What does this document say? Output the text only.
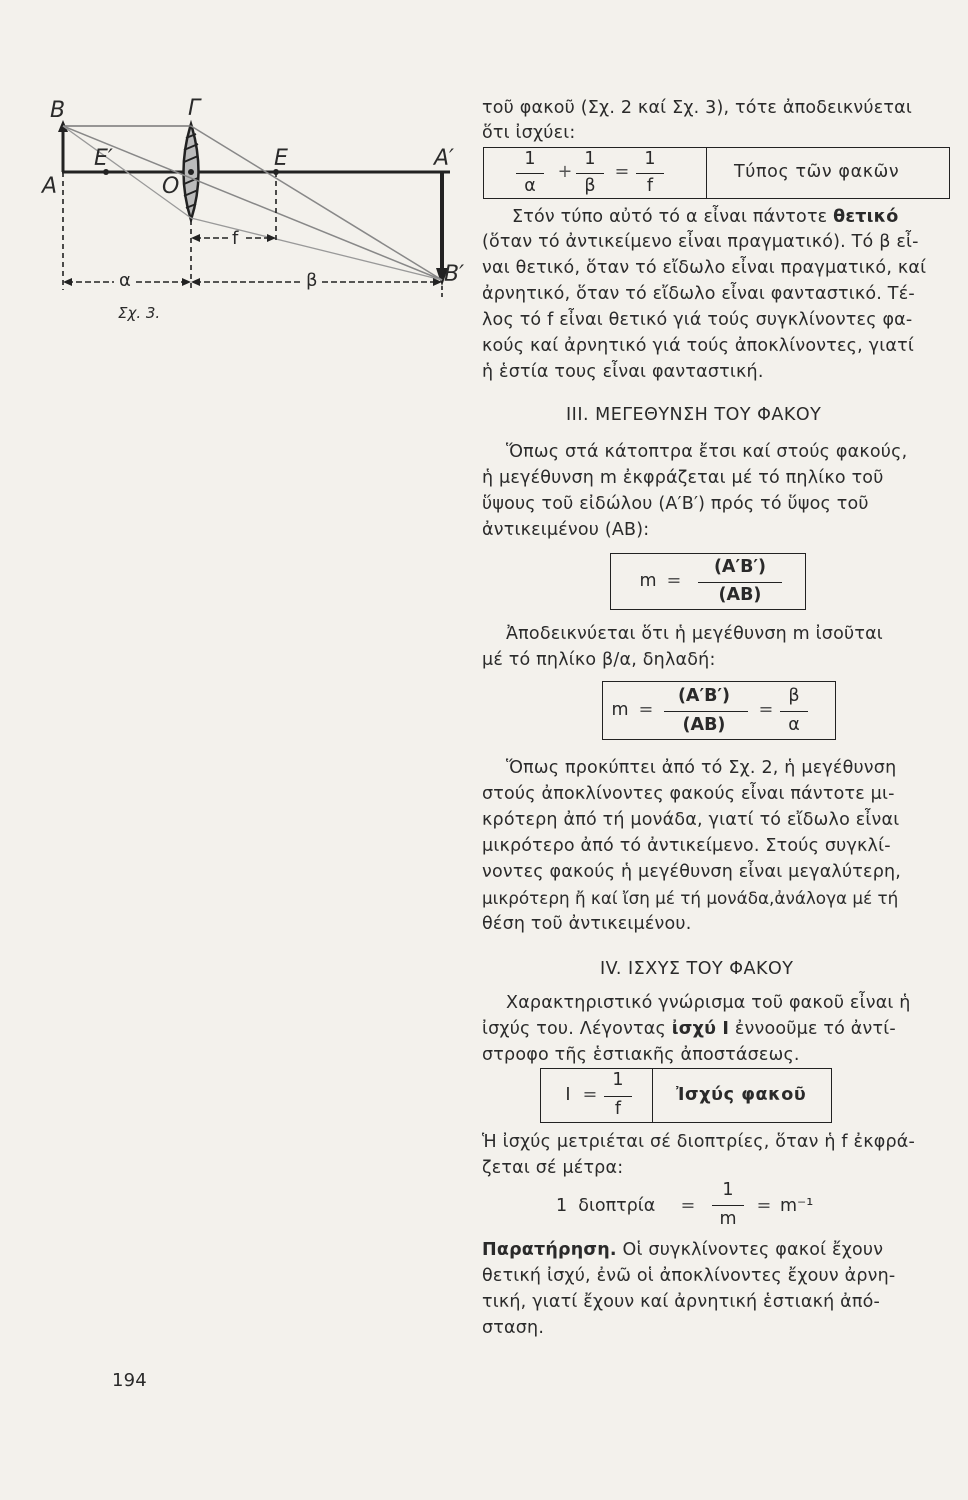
B	Γ
Ε′	Ε	Α′
Α	O
Β′
f
α	β
Σχ. 3.
τοῦ φακοῦ (Σχ. 2 καί Σχ. 3), τότε ἀποδεικνύεται
ὅτι ἰσχύει:
1
α
+
1
β
=
1
f
Τύπος τῶν φακῶν
Στόν τύπο αὐτό τό α εἶναι πάντοτε θετικό
(ὅταν τό ἀντικείμενο εἶναι πραγματικό). Τό β εἶ-
ναι θετικό, ὅταν τό εἴδωλο εἶναι πραγματικό, καί
ἀρνητικό, ὅταν τό εἴδωλο εἶναι φανταστικό. Τέ-
λος τό f εἶναι θετικό γιά τούς συγκλίνοντες φα-
κούς καί ἀρνητικό γιά τούς ἀποκλίνοντες, γιατί
ἡ ἑστία τους εἶναι φανταστική.
III. ΜΕΓΕΘΥΝΣΗ ΤΟΥ ΦΑΚΟΥ
Ὅπως στά κάτοπτρα ἔτσι καί στούς φακούς,
ἡ μεγέθυνση m ἐκφράζεται μέ τό πηλίκο τοῦ
ὕψους τοῦ εἰδώλου (Α′Β′) πρός τό ὕψος τοῦ
ἀντικειμένου (ΑΒ):
m =
(Α′Β′)
(ΑΒ)
Ἀποδεικνύεται ὅτι ἡ μεγέθυνση m ἰσοῦται
μέ τό πηλίκο β/α, δηλαδή:
m =
(Α′Β′)
(ΑΒ)
=
β
α
Ὅπως προκύπτει ἀπό τό Σχ. 2, ἡ μεγέθυνση
στούς ἀποκλίνοντες φακούς εἶναι πάντοτε μι-
κρότερη ἀπό τή μονάδα, γιατί τό εἴδωλο εἶναι
μικρότερο ἀπό τό ἀντικείμενο. Στούς συγκλί-
νοντες φακούς ἡ μεγέθυνση εἶναι μεγαλύτερη,
μικρότερη ἤ καί ἴση μέ τή μονάδα,ἀνάλογα μέ τή
θέση τοῦ ἀντικειμένου.
IV. ΙΣΧΥΣ ΤΟΥ ΦΑΚΟΥ
Χαρακτηριστικό γνώρισμα τοῦ φακοῦ εἶναι ἡ
ἰσχύς του. Λέγοντας ἰσχύ Ι ἐννοοῦμε τό ἀντί-
στροφο τῆς ἑστιακῆς ἀποστάσεως.
Ι =
1
f
Ἰσχύς φακοῦ
Ἡ ἰσχύς μετριέται σέ διοπτρίες, ὅταν ἡ f ἐκφρά-
ζεται σέ μέτρα:
1  διοπτρία	=
1
m
= m⁻¹
Παρατήρηση. Οἱ συγκλίνοντες φακοί ἔχουν
θετική ἰσχύ, ἐνῶ οἱ ἀποκλίνοντες ἔχουν ἀρνη-
τική, γιατί ἔχουν καί ἀρνητική ἑστιακή ἀπό-
σταση.
194
